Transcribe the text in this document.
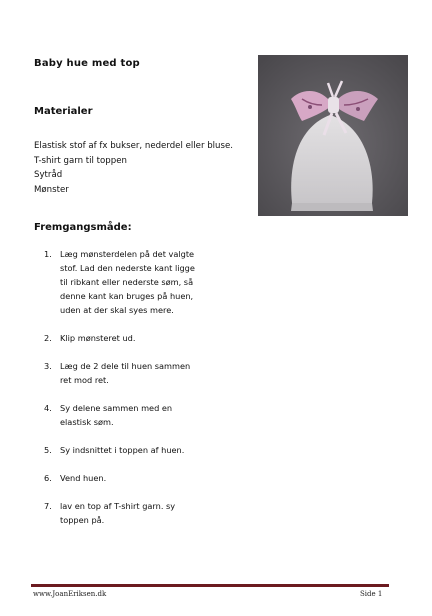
Baby hue med top
Materialer
Elastisk stof af fx bukser, nederdel eller bluse.
T-shirt garn til toppen
Sytråd
Mønster
Fremgangsmåde:
1. Læg mønsterdelen på det valgte
stof. Lad den nederste kant ligge
til ribkant eller nederste søm, så
denne kant kan bruges på huen,
uden at der skal syes mere.
2. Klip mønsteret ud.
3. Læg de 2 dele til huen sammen
ret mod ret.
4. Sy delene sammen med en
elastisk søm.
5. Sy indsnittet i toppen af huen.
6. Vend huen.
7. lav en top af T-shirt garn. sy
toppen på.
www.JoanEriksen.dk	Side 1
